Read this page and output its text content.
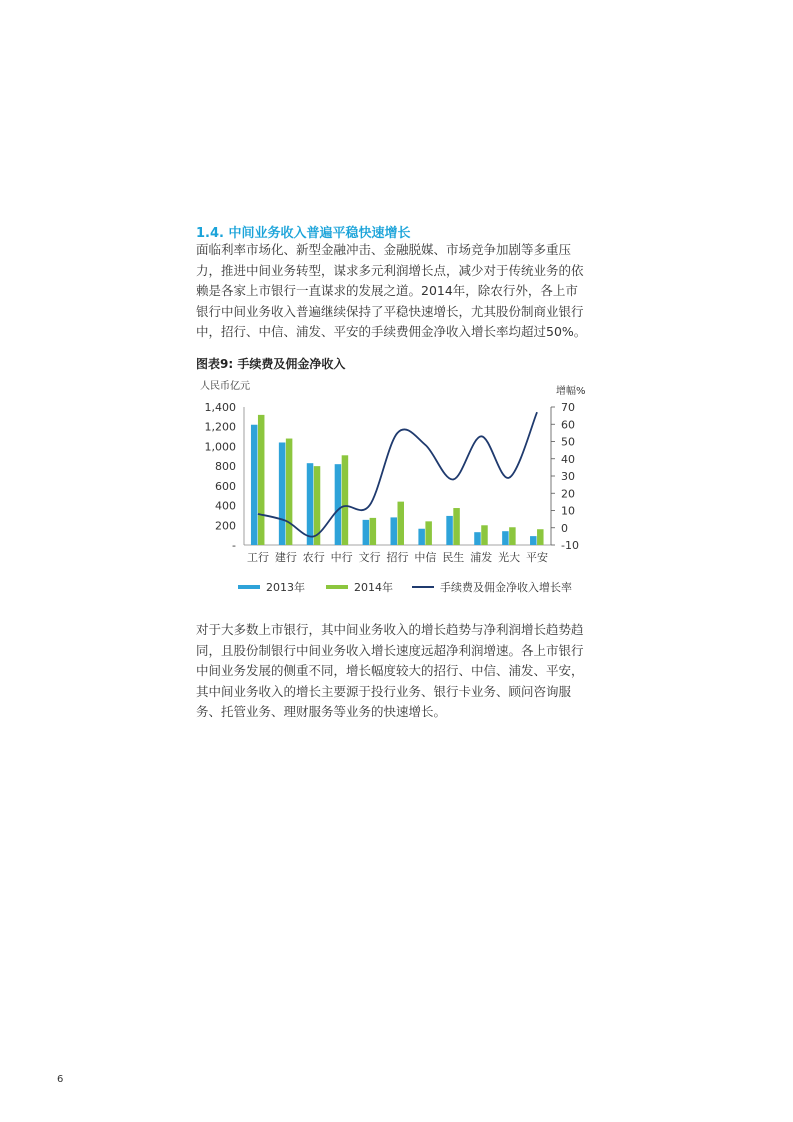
1.4. 中间业务收入普遍平稳快速增长
面临利率市场化、新型金融冲击、金融脱媒、市场竞争加剧等多重压
力，推进中间业务转型，谋求多元利润增长点，减少对于传统业务的依
赖是各家上市银行一直谋求的发展之道。2014年，除农行外，各上市
银行中间业务收入普遍继续保持了平稳快速增长，尤其股份制商业银行
中，招行、中信、浦发、平安的手续费佣金净收入增长率均超过50%。
图表9: 手续费及佣金净收入
人民币亿元	增幅%
-
200
400
600
800
1,000
1,200
1,400
-10
0
10
20
30
40
50
60
70
工行 建行 农行 中行 文行 招行 中信 民生 浦发 光大 平安
2013年	2014年	手续费及佣金净收入增长率
对于大多数上市银行，其中间业务收入的增长趋势与净利润增长趋势趋
同，且股份制银行中间业务收入增长速度远超净利润增速。各上市银行
中间业务发展的侧重不同，增长幅度较大的招行、中信、浦发、平安，
其中间业务收入的增长主要源于投行业务、银行卡业务、顾问咨询服
务、托管业务、理财服务等业务的快速增长。
6
